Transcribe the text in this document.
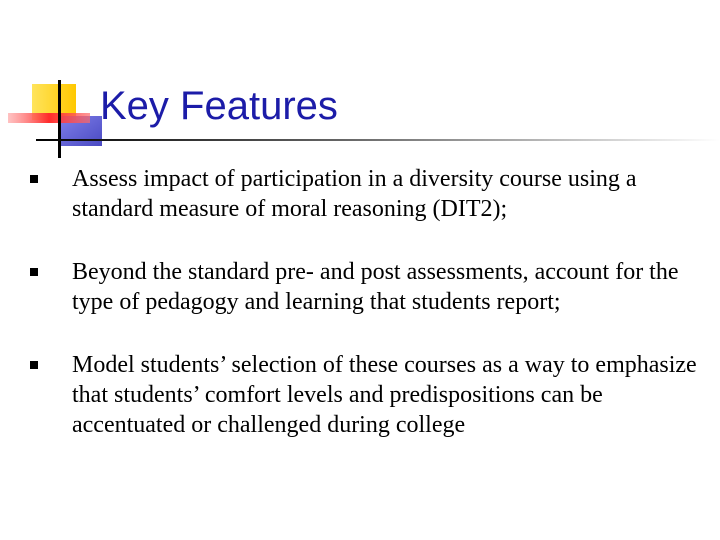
Key Features
Assess impact of participation in a diversity course using a standard measure of moral reasoning (DIT2);
Beyond the standard pre- and post assessments, account for the type of pedagogy and learning that students report;
Model students’ selection of these courses as a way to emphasize that students’ comfort levels and predispositions can be accentuated or challenged during college
